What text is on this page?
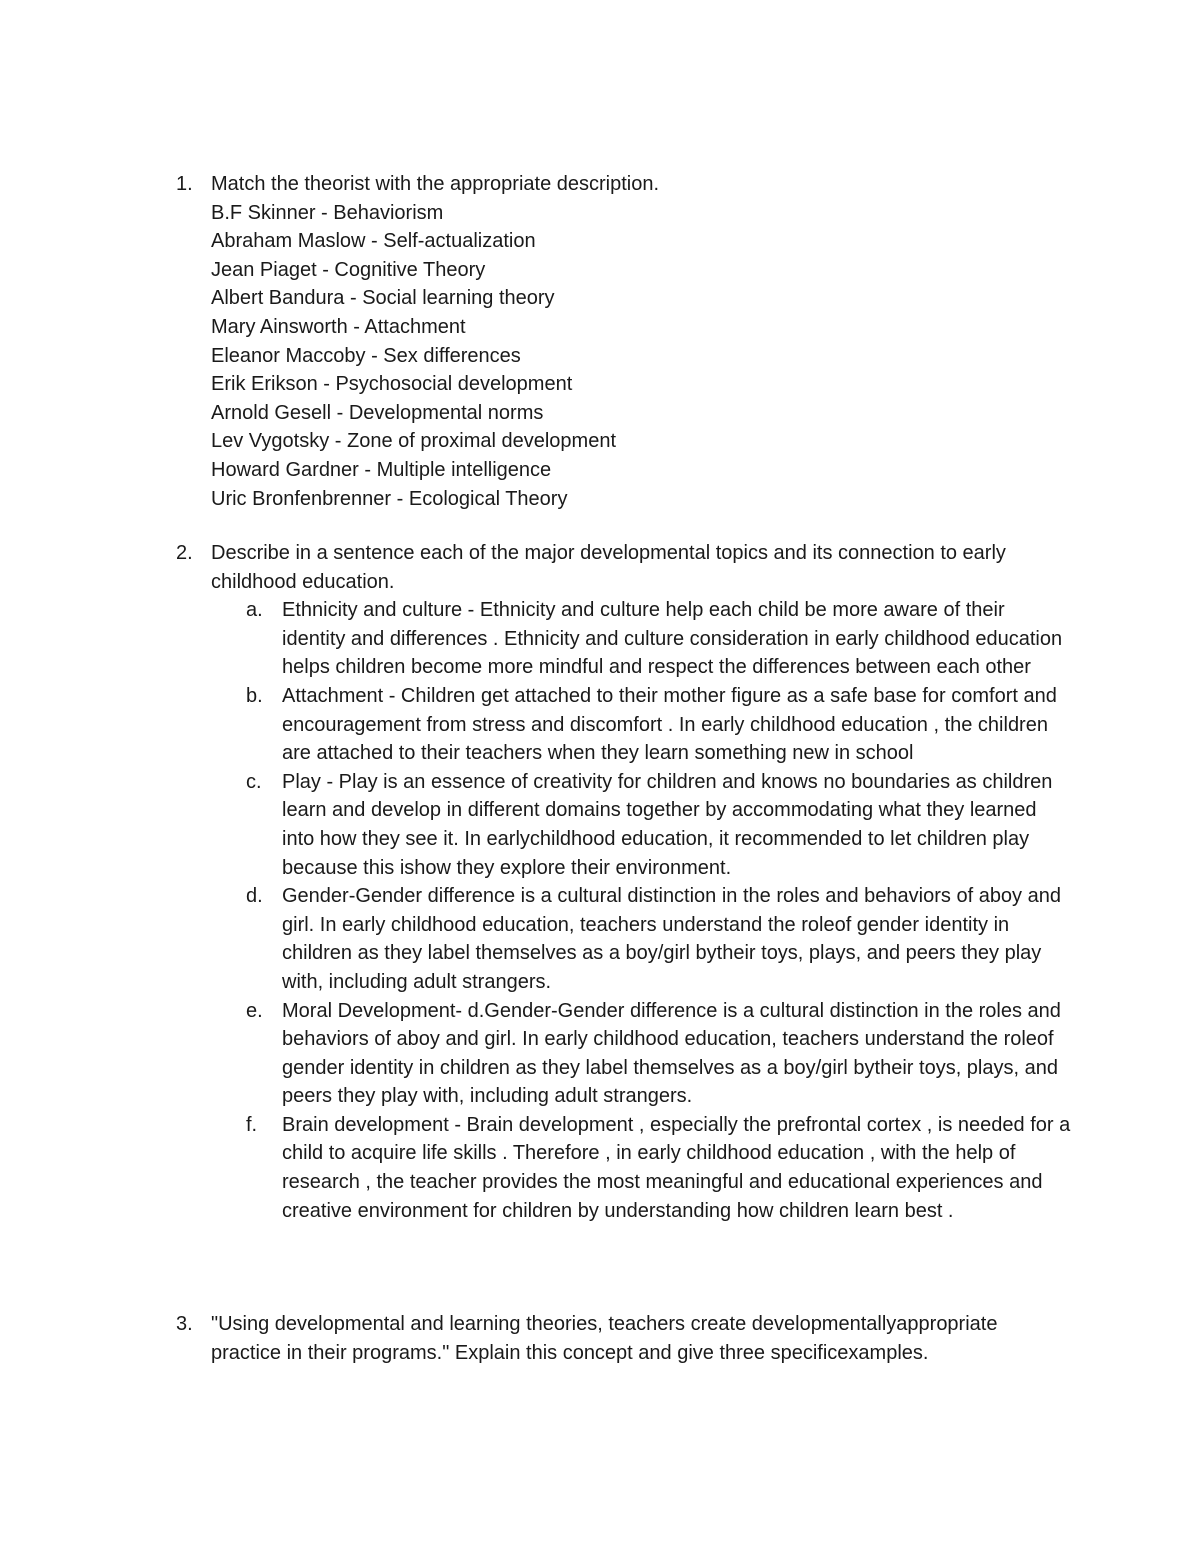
1. Match the theorist with the appropriate description.
B.F Skinner - Behaviorism
Abraham Maslow - Self-actualization
Jean Piaget - Cognitive Theory
Albert Bandura - Social learning theory
Mary Ainsworth - Attachment
Eleanor Maccoby - Sex differences
Erik Erikson - Psychosocial development
Arnold Gesell - Developmental norms
Lev Vygotsky - Zone of proximal development
Howard Gardner - Multiple intelligence
Uric Bronfenbrenner - Ecological Theory
2. Describe in a sentence each of the major developmental topics and its connection to early childhood education.

a. Ethnicity and culture - Ethnicity and culture help each child be more aware of their identity and differences . Ethnicity and culture consideration in early childhood education helps children become more mindful and respect the differences between each other
b. Attachment - Children get attached to their mother figure as a safe base for comfort and encouragement from stress and discomfort . In early childhood education , the children are attached to their teachers when they learn something new in school
c. Play - Play is an essence of creativity for children and knows no boundaries as children learn and develop in different domains together by accommodating what they learned into how they see it. In earlychildhood education, it recommended to let children play because this ishow they explore their environment.
d. Gender-Gender difference is a cultural distinction in the roles and behaviors of aboy and girl. In early childhood education, teachers understand the roleof gender identity in children as they label themselves as a boy/girl bytheir toys, plays, and peers they play with, including adult strangers.
e. Moral Development- d.Gender-Gender difference is a cultural distinction in the roles and behaviors of aboy and girl. In early childhood education, teachers understand the roleof gender identity in children as they label themselves as a boy/girl bytheir toys, plays, and peers they play with, including adult strangers.
f. Brain development - Brain development , especially the prefrontal cortex , is needed for a child to acquire life skills . Therefore , in early childhood education , with the help of research , the teacher provides the most meaningful and educational experiences and creative environment for children by understanding how children learn best .
3. "Using developmental and learning theories, teachers create developmentallyappropriate practice in their programs." Explain this concept and give three specificexamples.
